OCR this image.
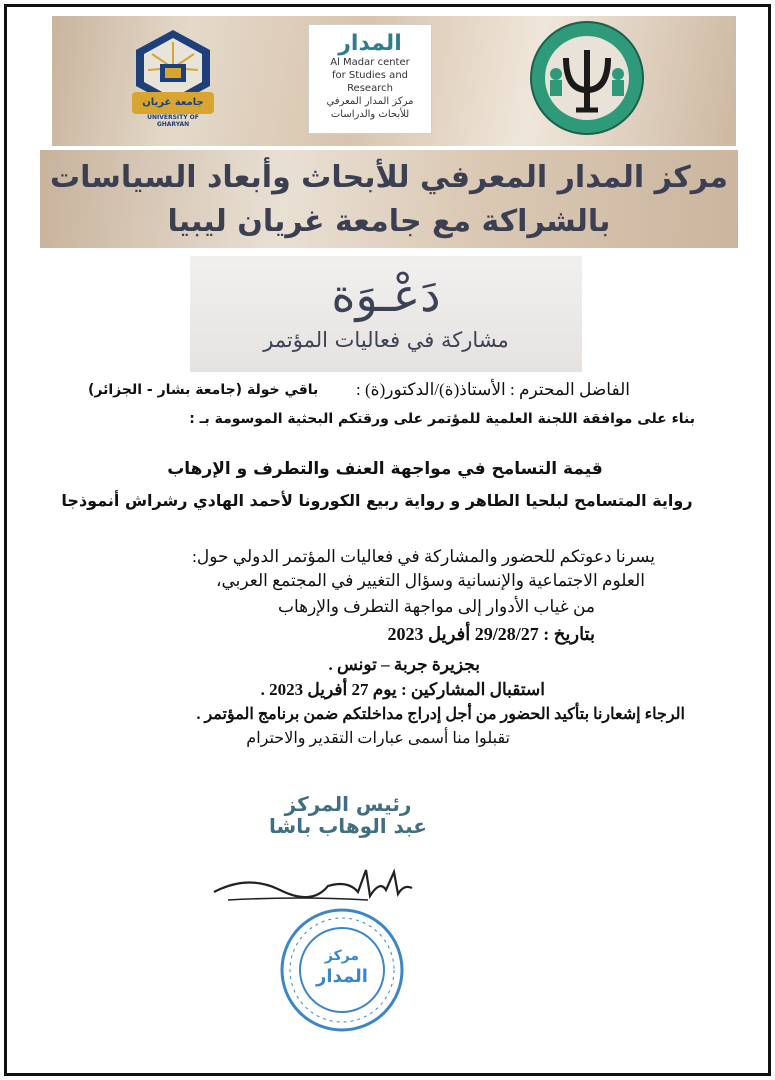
جامعة غريان
UNIVERSITY OF GHARYAN
المدار
Al Madar center
for Studies and Research
مركز المدار المعرفي
للأبحاث والدراسات
مركز المدار المعرفي للأبحاث وأبعاد السياسات
بالشراكة مع جامعة غريان ليبيا
دَعْـوَة
مشاركة في فعاليات المؤتمر
الفاضل المحترم : الأستاذ(ة)/الدكتور(ة) :
باقي خولة (جامعة بشار - الجزائر)
بناء على موافقة اللجنة العلمية للمؤتمر على ورقتكم البحثية الموسومة بـ :
قيمة التسامح في مواجهة العنف والتطرف و الإرهاب
رواية المتسامح لبلحيا الطاهر و رواية ربيع الكورونا لأحمد الهادي رشراش أنموذجا
يسرنا دعوتكم للحضور والمشاركة في فعاليات المؤتمر الدولي حول:
العلوم الاجتماعية والإنسانية وسؤال التغيير في المجتمع العربي،
من غياب الأدوار إلى مواجهة التطرف والإرهاب
بتاريخ : 29/28/27 أفريل 2023
بجزيرة جربة – تونس .
استقبال المشاركين : يوم 27 أفريل 2023 .
الرجاء إشعارنا بتأكيد الحضور من أجل إدراج مداخلتكم ضمن برنامج المؤتمر .
تقبلوا منا أسمى عبارات التقدير والاحترام
رئيس المركز
عبد الوهاب باشا
مركز
المدار
